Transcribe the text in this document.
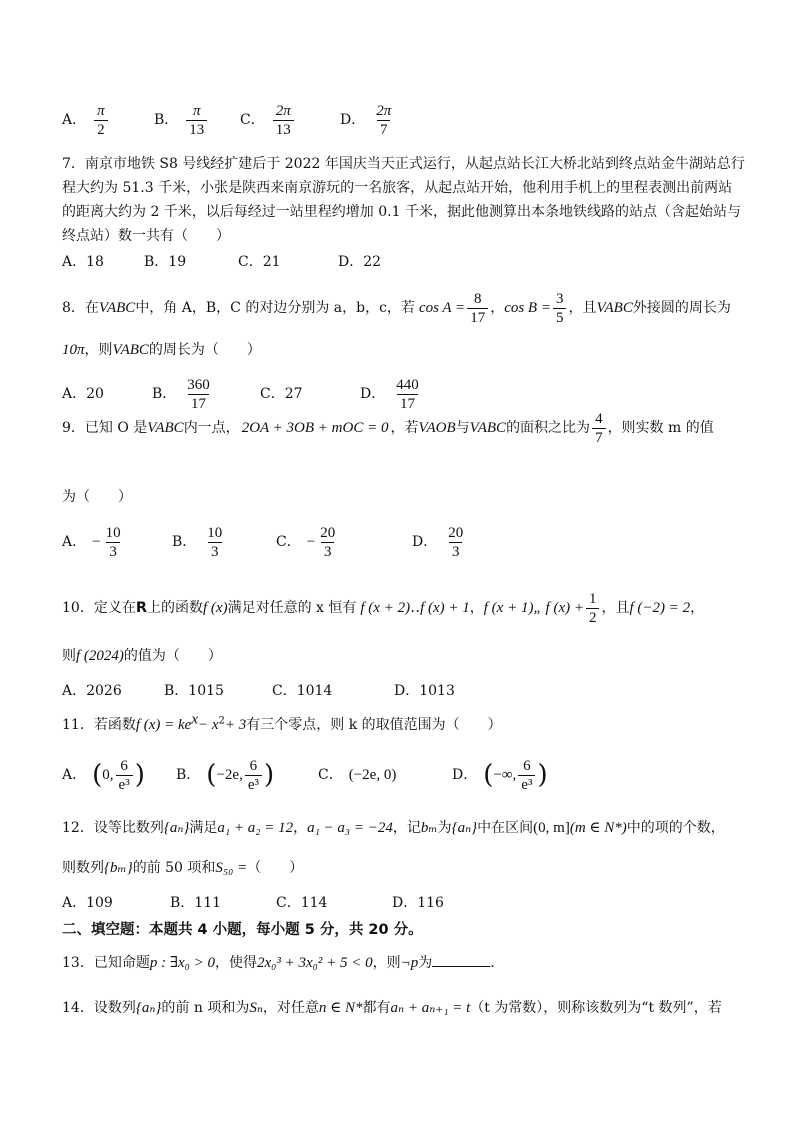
A． $\frac{\pi}{2}$	B． $\frac{\pi}{13}$ C． $\frac{2\pi}{13}$	D． $\frac{2\pi}{7}$
7．南京市地铁 S8 号线经扩建后于 2022 年国庆当天正式运行，从起点站长江大桥北站到终点站金牛湖站总行
程大约为 51.3 千米，小张是陕西来南京游玩的一名旅客，从起点站开始，他利用手机上的里程表测出前两站
的距离大约为 2 千米，以后每经过一站里程约增加 0.1 千米，据此他测算出本条地铁线路的站点（含起始站与
终点站）数一共有（　　）
A．18	B．19	C．21	D．22
8．在 VABC 中，角 A，B，C 的对边分别为 a，b，c，若 $\cos A = \frac{8}{17}$ ， $\cos B = \frac{3}{5}$ ，且 VABC 外接圆的周长为
10π，则VABC的周长为（　　）
A．20	B． $\frac{360}{17}$	C．27	D． $\frac{440}{17}$
9．已知 O 是 VABC 内一点， 2OA + 3OB + mOC = 0 ，若 VAOB 与 VABC 的面积之比为 $\frac{4}{7}$ ，则实数 m 的值
为（　　）
A． − $\frac{10}{3}$	B． $\frac{10}{3}$	C． − $\frac{20}{3}$	D． $\frac{20}{3}$
10．定义在 R 上的函数 f (x) 满足对任意的 x 恒有 f (x + 2)‥f (x) + 1 ， f (x + 1)„ f $(x) + \frac{1}{2}$ ，且 f (−2) = 2 ，
则f (2024)的值为（　　）
A．2026	B．1015	C．1014	D．1013
11．若函数f $(x) = ke^x- x^2+ 3$有三个零点，则 k 的取值范围为（　　）
A． ( 0, $\frac{6}{\text{e³}}$ ) B． ( −2e, $\frac{6}{\text{e³}}$ )	C． (−2e, 0)	D． ( −∞, $\frac{6}{\text{e³}}$ )
12．设等比数列{aₙ}满足a₁ + a₂ = 12，a₁ − a₃ = −24，记bₘ为{aₙ}中在区间(0, m](m ∈ N*)中的项的个数，
则数列{bₘ}的前 50 项和S₅₀ =（　　）
A．109	B．111	C．114	D．116
二、填空题：本题共 4 小题，每小题 5 分，共 20 分。
13．已知命题p : ∃x₀ > 0，使得2x₀³ + 3x₀² + 5 < 0，则¬p为	.
14．设数列{aₙ}的前 n 项和为Sₙ，对任意n ∈ N*都有aₙ + aₙ₊₁ = t（t 为常数），则称该数列为“t 数列”，若
